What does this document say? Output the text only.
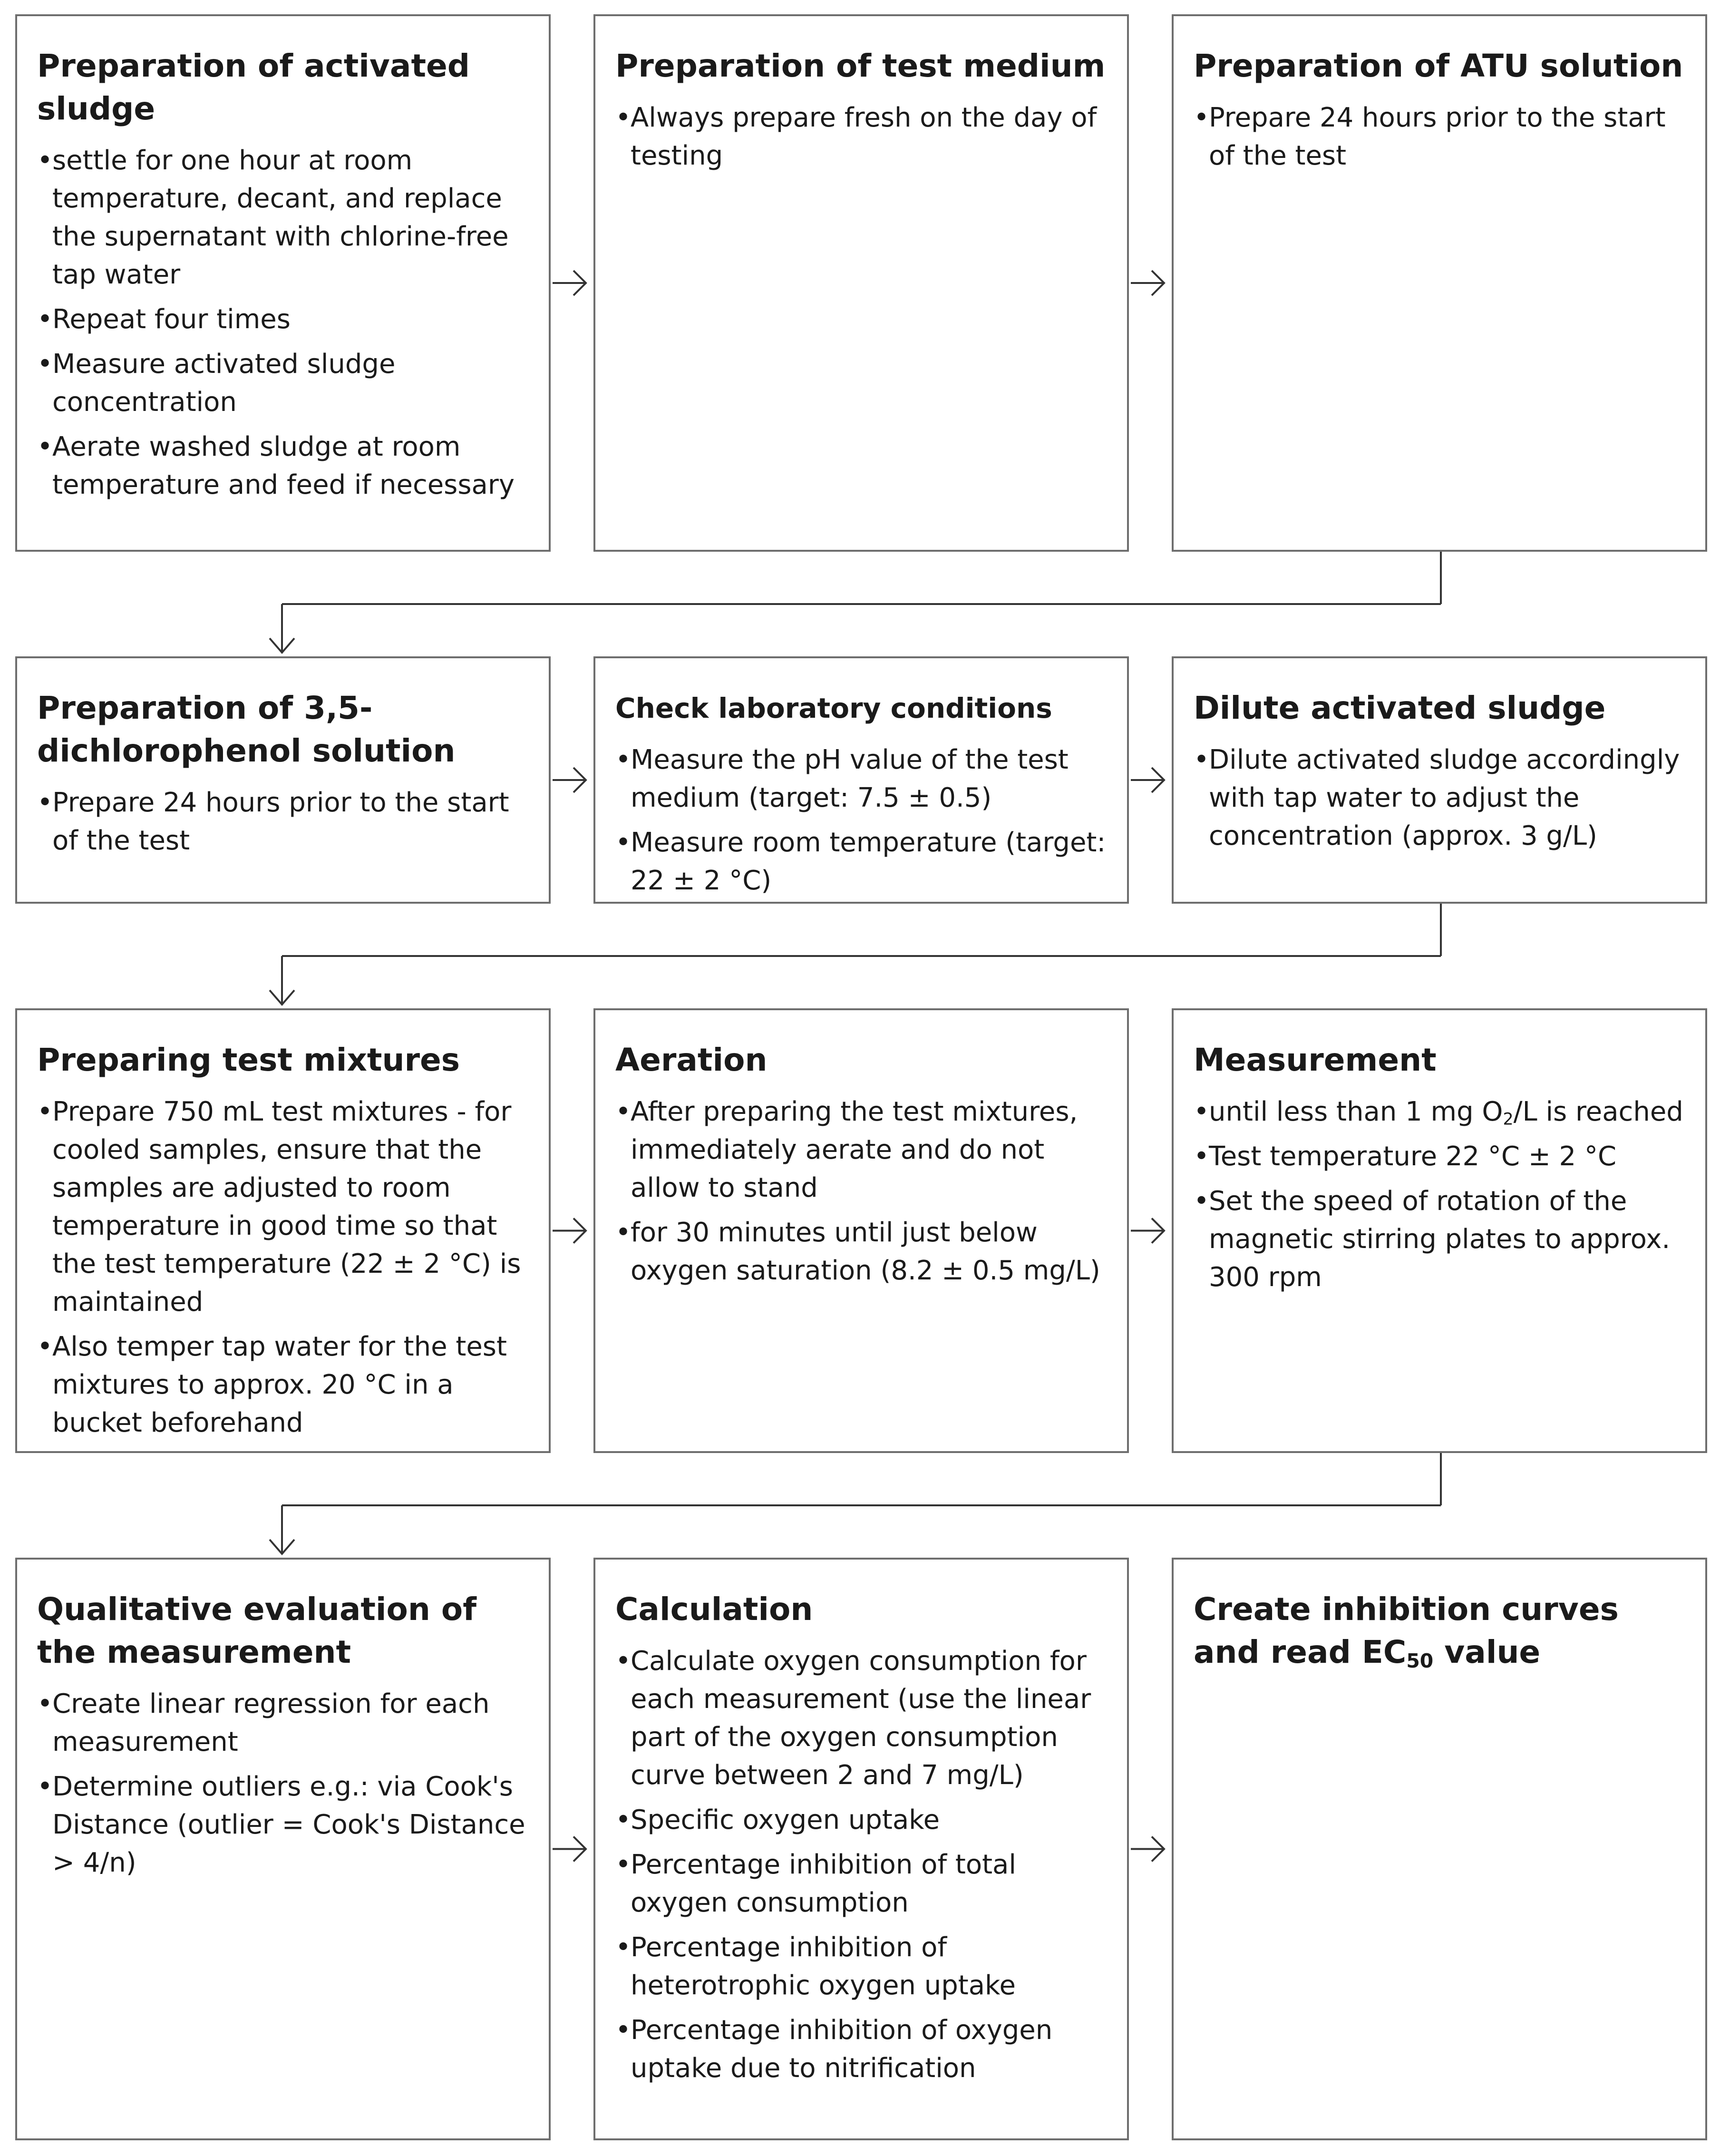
Preparation of activated sludge
•
settle for one hour at room temperature, decant, and replace the supernatant with chlorine-free tap water
•
Repeat four times
•
Measure activated sludge concentration
•
Aerate washed sludge at room temperature and feed if necessary
Preparation of test medium
•
Always prepare fresh on the day of testing
Preparation of ATU solution
•
Prepare 24 hours prior to the start of the test
Preparation of 3,5-dichlorophenol solution
•
Prepare 24 hours prior to the start of the test
Check laboratory conditions
•
Measure the pH value of the test medium (target: 7.5 ± 0.5)
•
Measure room temperature (target: 22 ± 2 °C)
Dilute activated sludge
•
Dilute activated sludge accordingly with tap water to adjust the concentration (approx. 3 g/L)
Preparing test mixtures
•
Prepare 750 mL test mixtures - for cooled samples, ensure that the samples are adjusted to room temperature in good time so that the test temperature (22 ± 2 °C) is maintained
•
Also temper tap water for the test mixtures to approx. 20 °C in a bucket beforehand
Aeration
•
After preparing the test mixtures, immediately aerate and do not allow to stand
•
for 30 minutes until just below oxygen saturation (8.2 ± 0.5 mg/L)
Measurement
•
until less than 1 mg $O_2/L$ is reached
•
Test temperature 22 °C ± 2 °C
•
Set the speed of rotation of the magnetic stirring plates to approx. 300 rpm
Qualitative evaluation of the measurement
•
Create linear regression for each measurement
•
Determine outliers e.g.: via Cook's Distance (outlier = Cook's Distance > 4/n)
Calculation
•
Calculate oxygen consumption for each measurement (use the linear part of the oxygen consumption curve between 2 and 7 mg/L)
•
Specific oxygen uptake
•
Percentage inhibition of total oxygen consumption
•
Percentage inhibition of heterotrophic oxygen uptake
•
Percentage inhibition of oxygen uptake due to nitrification
Create inhibition curves and read $EC_{50}$ value
